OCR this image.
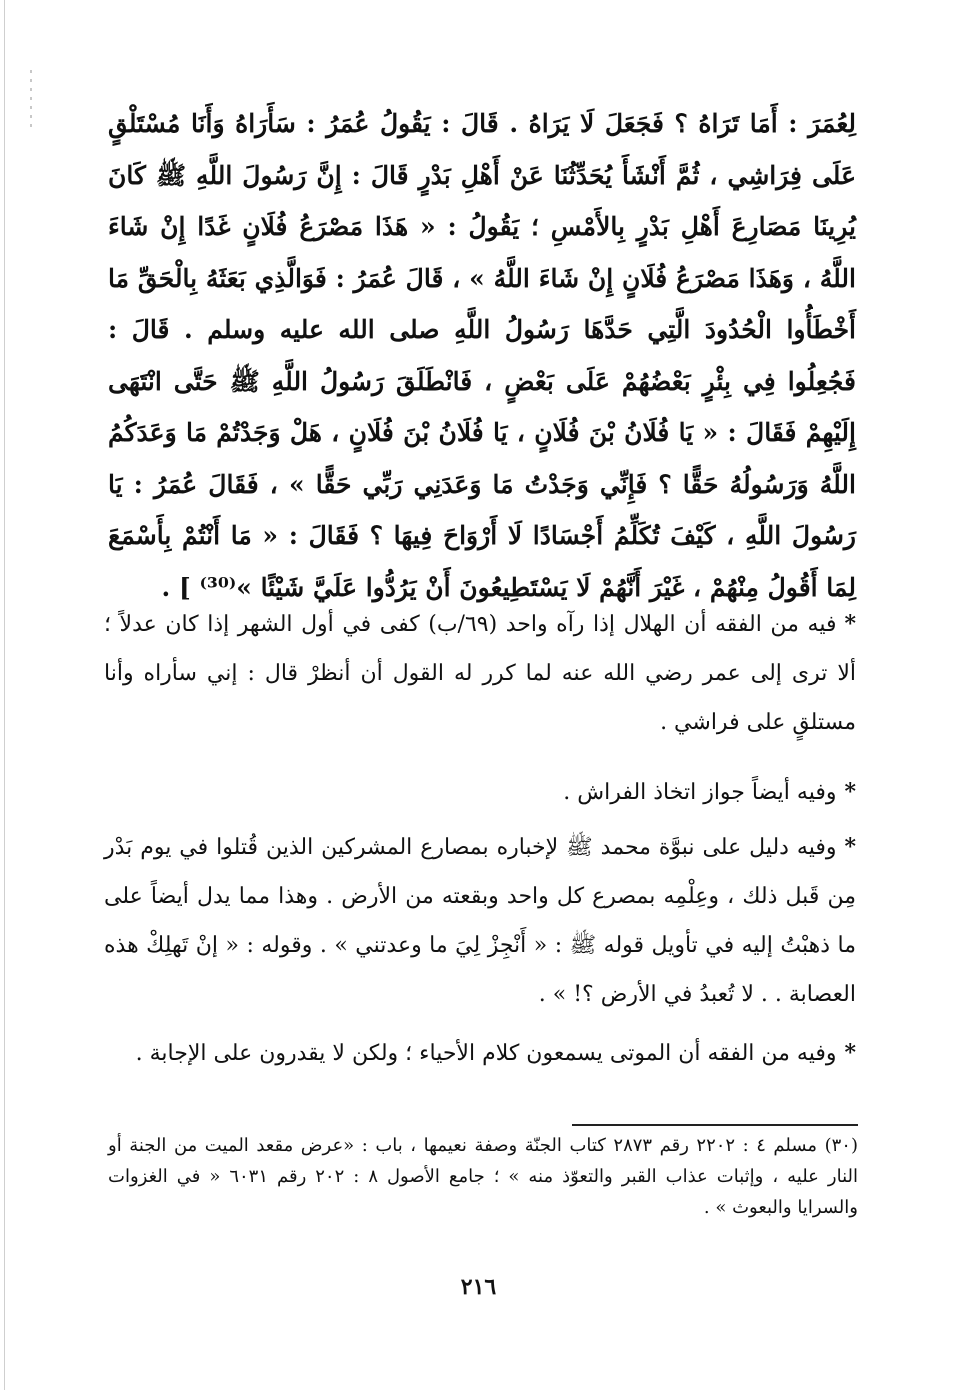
لِعُمَرَ : أَمَا تَرَاهُ ؟ فَجَعَلَ لَا يَرَاهُ . قَالَ : يَقُولُ عُمَرُ : سَأَرَاهُ وَأَنَا مُسْتَلْقٍ عَلَى فِرَاشِي ، ثُمَّ أَنْشَأَ يُحَدِّثُنَا عَنْ أَهْلِ بَدْرٍ قَالَ : إِنَّ رَسُولَ اللَّهِ ﷺ كَانَ يُرِينَا مَصَارِعَ أَهْلِ بَدْرٍ بِالأَمْسِ ؛ يَقُولُ : « هَذَا مَصْرَعُ فُلَانٍ غَدًا إِنْ شَاءَ اللَّهُ ، وَهَذَا مَصْرَعُ فُلَانٍ إِنْ شَاءَ اللَّهُ » ، قَالَ عُمَرُ : فَوَالَّذِي بَعَثَهُ بِالْحَقِّ مَا أَخْطَأُوا الْحُدُودَ الَّتِي حَدَّهَا رَسُولُ اللَّهِ صلى الله عليه وسلم . قَالَ : فَجُعِلُوا فِي بِئْرٍ بَعْضُهُمْ عَلَى بَعْضٍ ، فَانْطَلَقَ رَسُولُ اللَّهِ ﷺ حَتَّى انْتَهَى إِلَيْهِمْ فَقَالَ : « يَا فُلَانُ بْنَ فُلَانٍ ، يَا فُلَانُ بْنَ فُلَانٍ ، هَلْ وَجَدْتُمْ مَا وَعَدَكُمُ اللَّهُ وَرَسُولُهُ حَقًّا ؟ فَإِنِّي وَجَدْتُ مَا وَعَدَنِي رَبِّي حَقًّا » ، فَقَالَ عُمَرُ : يَا رَسُولَ اللَّهِ ، كَيْفَ تُكَلِّمُ أَجْسَادًا لَا أَرْوَاحَ فِيهَا ؟ فَقَالَ : « مَا أَنْتُمْ بِأَسْمَعَ لِمَا أَقُولُ مِنْهُمْ ، غَيْرَ أَنَّهُمْ لَا يَسْتَطِيعُونَ أَنْ يَرُدُّوا عَلَيَّ شَيْئًا »⁽³⁰⁾ ] .

*فيه من الفقه أن الهلال إذا رآه واحد (٦٩/ب) كفى في أول الشهر إذا كان عدلاً ؛ ألا ترى إلى عمر رضي الله عنه لما كرر له القول أن أنظرْ قال : إني سأراه وأنا مستلقٍ على فراشي .
*وفيه أيضاً جواز اتخاذ الفراش .
*وفيه دليل على نبوَّة محمد ﷺ لإخباره بمصارع المشركين الذين قُتلوا في يوم بَدْر مِن قَبل ذلك ، وعِلْمِه بمصرع كل واحد وبقعته من الأرض . وهذا مما يدل أيضاً على ما ذهبْتُ إليه في تأويل قوله ﷺ : « أَنْجِزْ لِيَ ما وعدتني » . وقوله : « إنْ تَهلِكْ هذه العصابة . . لا تُعبدُ في الأرض ؟! » .
*وفيه من الفقه أن الموتى يسمعون كلام الأحياء ؛ ولكن لا يقدرون على الإجابة .
(٣٠) مسلم ٤ : ٢٢٠٢ رقم ٢٨٧٣ كتاب الجنّة وصفة نعيمها ، باب : «عرض مقعد الميت من الجنة أو النار عليه ، وإثبات عذاب القبر والتعوّذ منه » ؛ جامع الأصول ٨ : ٢٠٢ رقم ٦٠٣١ « في الغزوات والسرايا والبعوث » .
٢١٦
